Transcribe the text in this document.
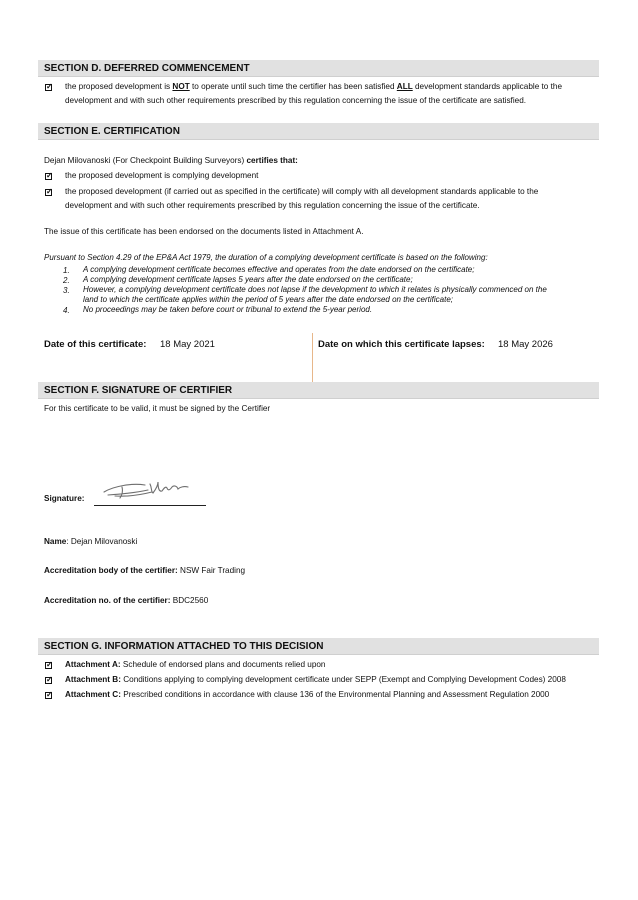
SECTION D. DEFERRED COMMENCEMENT
✓
the proposed development is NOT to operate until such time the certifier has been satisfied ALL development standards applicable to the
development and with such other requirements prescribed by this regulation concerning the issue of the certificate are satisfied.
SECTION E. CERTIFICATION
Dejan Milovanoski (For Checkpoint Building Surveyors) certifies that:
✓
the proposed development is complying development
✓
the proposed development (if carried out as specified in the certificate) will comply with all development standards applicable to the
development and with such other requirements prescribed by this regulation concerning the issue of the certificate.
The issue of this certificate has been endorsed on the documents listed in Attachment A.
Pursuant to Section 4.29 of the EP&A Act 1979, the duration of a complying development certificate is based on the following:
1. A complying development certificate becomes effective and operates from the date endorsed on the certificate;
2. A complying development certificate lapses 5 years after the date endorsed on the certificate;
3. However, a complying development certificate does not lapse if the development to which it relates is physically commenced on the
land to which the certificate applies within the period of 5 years after the date endorsed on the certificate;
4. No proceedings may be taken before court or tribunal to extend the 5-year period.
Date of this certificate: 18 May 2021	Date on which this certificate lapses: 18 May 2026
SECTION F. SIGNATURE OF CERTIFIER
For this certificate to be valid, it must be signed by the Certifier
Signature:
Name: Dejan Milovanoski
Accreditation body of the certifier: NSW Fair Trading
Accreditation no. of the certifier: BDC2560
SECTION G. INFORMATION ATTACHED TO THIS DECISION
✓
Attachment A: Schedule of endorsed plans and documents relied upon
✓
Attachment B: Conditions applying to complying development certificate under SEPP (Exempt and Complying Development Codes) 2008
✓
Attachment C: Prescribed conditions in accordance with clause 136 of the Environmental Planning and Assessment Regulation 2000
